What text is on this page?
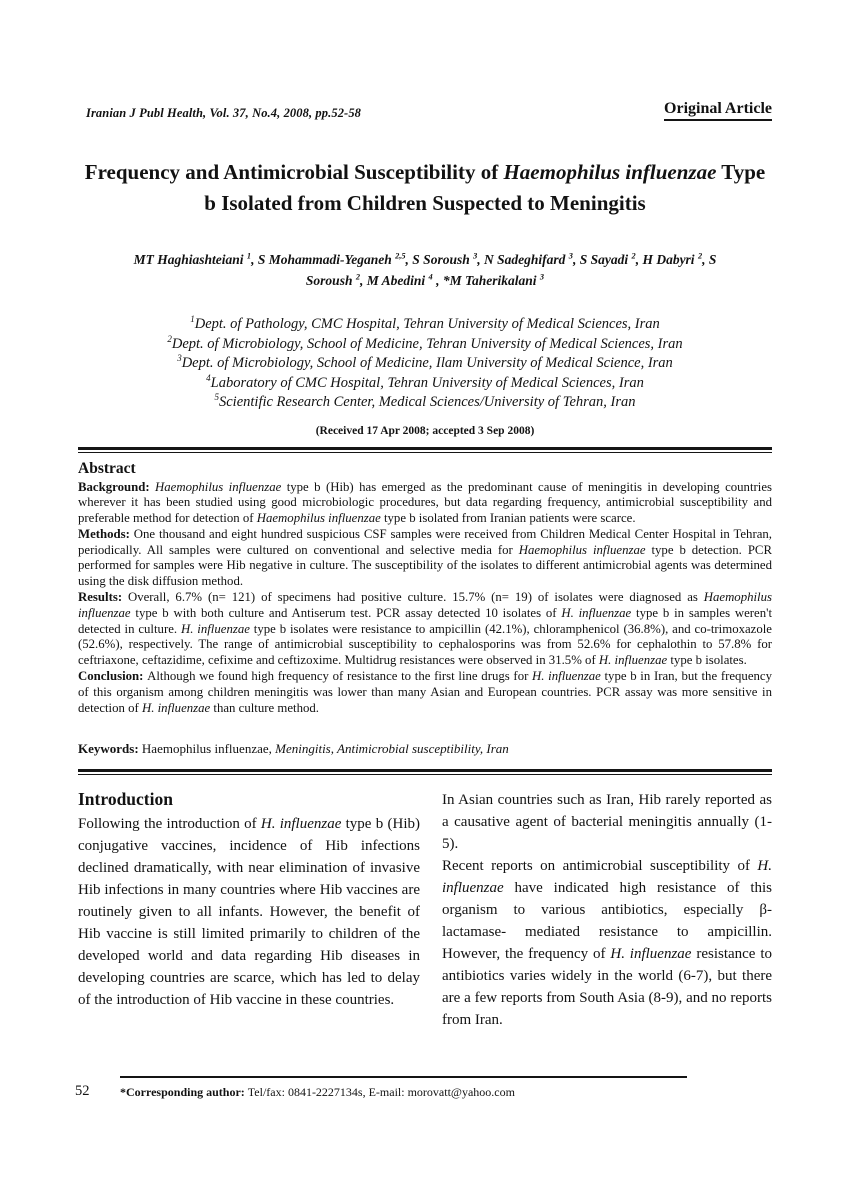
Iranian J Publ Health, Vol. 37, No.4, 2008, pp.52-58	Original Article
Frequency and Antimicrobial Susceptibility of Haemophilus influenzae Type b Isolated from Children Suspected to Meningitis
MT Haghiashteiani $^1$, S Mohammadi-Yeganeh $^{2,5}$, S Soroush $^3$, N Sadeghifard $^3$, S Sayadi $^2$, H Dabyri $^2$, S Soroush $^2$, M Abedini $^4$ , *M Taherikalani $^3$
$^1$Dept. of Pathology, CMC Hospital, Tehran University of Medical Sciences, Iran
$^2$Dept. of Microbiology, School of Medicine, Tehran University of Medical Sciences, Iran
$^3$Dept. of Microbiology, School of Medicine, Ilam University of Medical Science, Iran
$^4$Laboratory of CMC Hospital, Tehran University of Medical Sciences, Iran
$^5$Scientific Research Center, Medical Sciences/University of Tehran, Iran
(Received 17 Apr 2008; accepted 3 Sep 2008)
Abstract
Background: Haemophilus influenzae type b (Hib) has emerged as the predominant cause of meningitis in developing countries wherever it has been studied using good microbiologic procedures, but data regarding frequency, antimicrobial susceptibility and preferable method for detection of Haemophilus influenzae type b isolated from Iranian patients were scarce.
Methods: One thousand and eight hundred suspicious CSF samples were received from Children Medical Center Hospital in Tehran, periodically. All samples were cultured on conventional and selective media for Haemophilus influenzae type b detection. PCR performed for samples were Hib negative in culture. The susceptibility of the isolates to different antimicrobial agents was determined using the disk diffusion method.
Results: Overall, 6.7% (n= 121) of specimens had positive culture. 15.7% (n= 19) of isolates were diagnosed as Haemophilus influenzae type b with both culture and Antiserum test. PCR assay detected 10 isolates of H. influenzae type b in samples weren't detected in culture. H. influenzae type b isolates were resistance to ampicillin (42.1%), chloramphenicol (36.8%), and co-trimoxazole (52.6%), respectively. The range of antimicrobial susceptibility to cephalosporins was from 52.6% for cephalothin to 57.8% for ceftriaxone, ceftazidime, cefixime and ceftizoxime. Multidrug resistances were observed in 31.5% of H. influenzae type b isolates.
Conclusion: Although we found high frequency of resistance to the first line drugs for H. influenzae type b in Iran, but the frequency of this organism among children meningitis was lower than many Asian and European countries. PCR assay was more sensitive in detection of H. influenzae than culture method.
Keywords: Haemophilus influenzae, Meningitis, Antimicrobial susceptibility, Iran
Introduction
Following the introduction of H. influenzae type b (Hib) conjugative vaccines, incidence of Hib infections declined dramatically, with near elimination of invasive Hib infections in many countries where Hib vaccines are routinely given to all infants. However, the benefit of Hib vaccine is still limited primarily to children of the developed world and data regarding Hib diseases in developing countries are scarce, which has led to delay of the introduction of Hib vaccine in these countries.
In Asian countries such as Iran, Hib rarely reported as a causative agent of bacterial meningitis annually (1-5).
Recent reports on antimicrobial susceptibility of H. influenzae have indicated high resistance of this organism to various antibiotics, especially β-lactamase- mediated resistance to ampicillin. However, the frequency of H. influenzae resistance to antibiotics varies widely in the world (6-7), but there are a few reports from South Asia (8-9), and no reports from Iran.
52	*Corresponding author: Tel/fax: 0841-2227134s, E-mail: morovatt@yahoo.com
